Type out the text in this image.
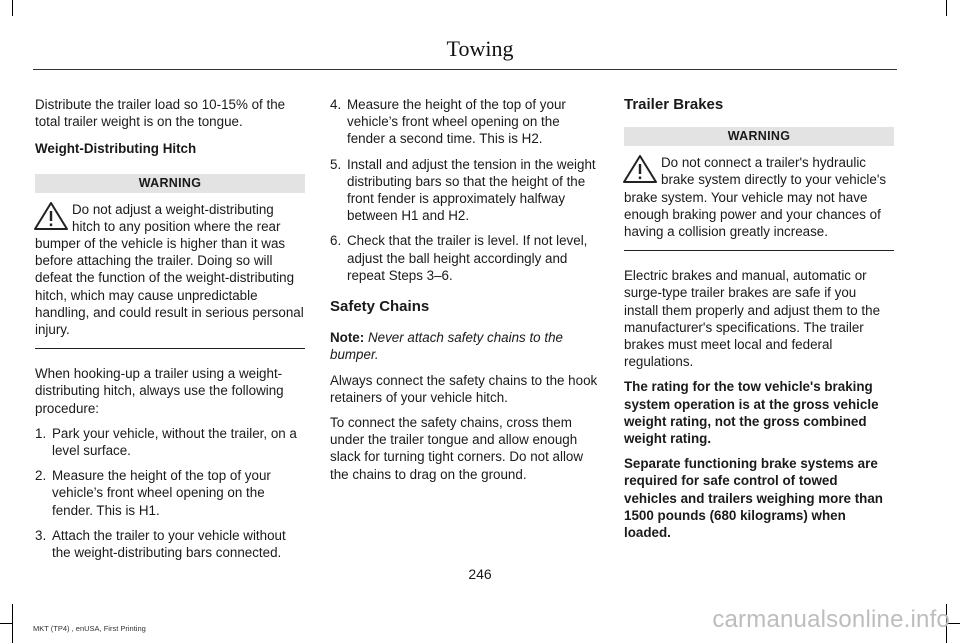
Towing

Distribute the trailer load so 10-15% of the total trailer weight is on the tongue.

Weight-Distributing Hitch

WARNING
Do not adjust a weight-distributing hitch to any position where the rear bumper of the vehicle is higher than it was before attaching the trailer. Doing so will defeat the function of the weight-distributing hitch, which may cause unpredictable handling, and could result in serious personal injury.

When hooking-up a trailer using a weight-distributing hitch, always use the following procedure:

1. Park your vehicle, without the trailer, on a level surface.
2. Measure the height of the top of your vehicle’s front wheel opening on the fender. This is H1.
3. Attach the trailer to your vehicle without the weight-distributing bars connected.
4. Measure the height of the top of your vehicle’s front wheel opening on the fender a second time. This is H2.
5. Install and adjust the tension in the weight distributing bars so that the height of the front fender is approximately halfway between H1 and H2.
6. Check that the trailer is level. If not level, adjust the ball height accordingly and repeat Steps 3–6.
Safety Chains

Note: Never attach safety chains to the bumper.

Always connect the safety chains to the hook retainers of your vehicle hitch.

To connect the safety chains, cross them under the trailer tongue and allow enough slack for turning tight corners. Do not allow the chains to drag on the ground.

Trailer Brakes
WARNING
Do not connect a trailer's hydraulic brake system directly to your vehicle's brake system. Your vehicle may not have enough braking power and your chances of having a collision greatly increase.

Electric brakes and manual, automatic or surge-type trailer brakes are safe if you install them properly and adjust them to the manufacturer's specifications. The trailer brakes must meet local and federal regulations.

The rating for the tow vehicle's braking system operation is at the gross vehicle weight rating, not the gross combined weight rating.

Separate functioning brake systems are required for safe control of towed vehicles and trailers weighing more than 1500 pounds (680 kilograms) when loaded.

246
MKT (TP4) , enUSA, First Printing	carmanualsonline.info
